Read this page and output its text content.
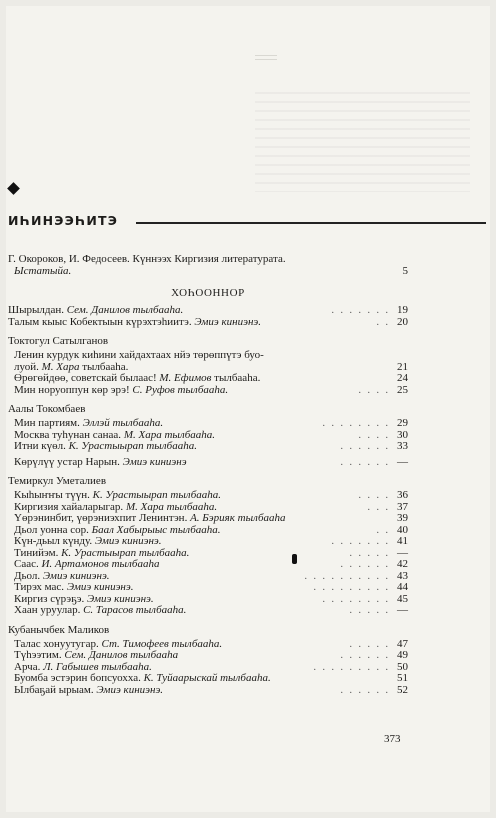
ИҺИНЭЭҺИТЭ
Г. Окороков, И. Федосеев. Күннээх Киргизия литературата.
Ыстатыйа.	5
ХОҺООННОР
Шырылдан. Сем. Данилов тылбааһа.	. . . . . . . 19
Талым кыыс Кобектыын күрэхтэһиитэ. Эмиэ киниэнэ.	. . 20
Токтогул Сатылганов
Ленин курдук киһини хайдахтаах нйэ төрөппүтэ буо-
луой. М. Хара тылбааһа.	21
Өрөгөйдөө, советскай былаас! М. Ефимов тылбааһа.	24
Мин норуоппун көр эрэ! С. Руфов тылбааһа.	. . . . 25
Аалы Токомбаев
Мин партиям. Эллэй тылбааһа.	. . . . . . . . 29
Москва туһунан санаа. М. Хара тылбааһа.	. . . . 30
Итни күөл. К. Урастыырап тылбааһа.	. . . . . . 33
Көрүлүү устар Нарын. Эмиэ киниэнэ	. . . . . . —
Темиркул Уметалиев
Кыһыҥҥы түүн. К. Урастыырап тылбааһа.	. . . . 36
Киргизия хайаларыгар. М. Хара тылбааһа.	. . . 37
Үөрэнинбит, үөрэниэхпит Ленинтэн. А. Бэрияк тылбааһа	39
Дьол уонна сор. Баал Хабырыыс тылбааһа.	. . 40
Күн-дьыл күнду. Эмиэ киниэнэ.	. . . . . . . 41
Тинийэм. К. Урастыырап тылбааһа.	. . . . . —
Саас. И. Артамонов тылбааһа	. . . . . . 42
Дьол. Эмиэ киниэнэ.	. . . . . . . . . . 43
Тирэх мас. Эмиэ киниэнэ.	. . . . . . . . . 44
Киргиз сүрэҕэ. Эмиэ киниэнэ.	. . . . . . . . 45
Хаан уруулар. С. Тарасов тылбааһа.	. . . . . —
Кубанычбек Маликов
Талас хонуутугар. Ст. Тимофеев тылбааһа.	. . . . . 47
Түһээтим. Сем. Данилов тылбааһа	. . . . . . 49
Арча. Л. Габышев тылбааһа.	. . . . . . . . . 50
Буомба эстэрин бопсуохха. К. Туйаарыскай тылбааһа.	51
Ылбаҕай ырыам. Эмиэ киниэнэ.	. . . . . . 52
373
